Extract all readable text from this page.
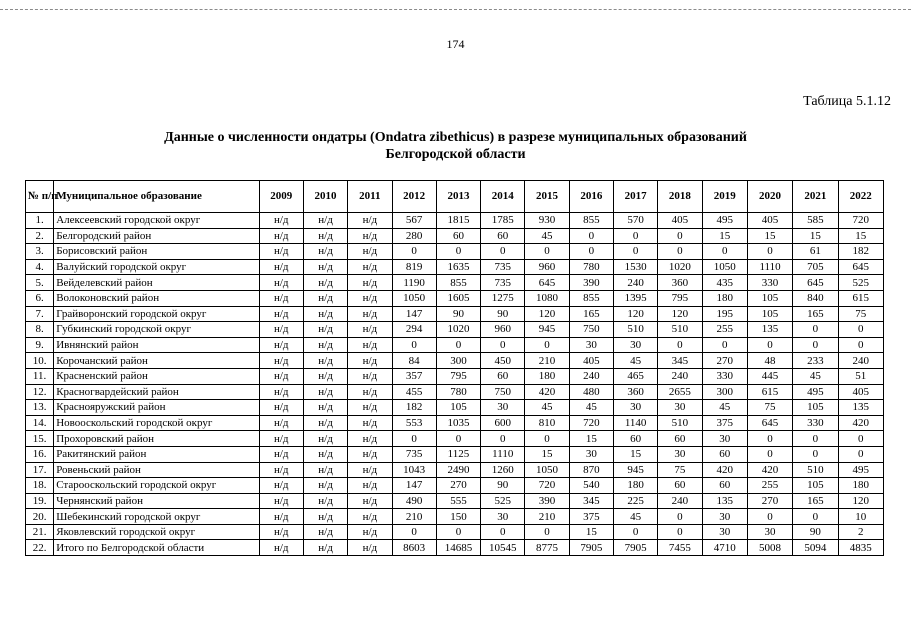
174
Таблица 5.1.12
Данные о численности ондатры (Ondatra zibethicus) в разрезе муниципальных образований
Белгородской области
№ п/п	Муниципальное образование	2009	2010	2011	2012	2013	2014	2015	2016	2017	2018	2019	2020	2021	2022
1.	Алексеевский городской округ	н/д	н/д	н/д	567	1815	1785	930	855	570	405	495	405	585	720
2.	Белгородский район	н/д	н/д	н/д	280	60	60	45	0	0	0	15	15	15	15
3.	Борисовский район	н/д	н/д	н/д	0	0	0	0	0	0	0	0	0	61	182
4.	Валуйский городской округ	н/д	н/д	н/д	819	1635	735	960	780	1530	1020	1050	1110	705	645
5.	Вейделевский район	н/д	н/д	н/д	1190	855	735	645	390	240	360	435	330	645	525
6.	Волоконовский район	н/д	н/д	н/д	1050	1605	1275	1080	855	1395	795	180	105	840	615
7.	Грайворонский городской округ	н/д	н/д	н/д	147	90	90	120	165	120	120	195	105	165	75
8.	Губкинский городской округ	н/д	н/д	н/д	294	1020	960	945	750	510	510	255	135	0	0
9.	Ивнянский район	н/д	н/д	н/д	0	0	0	0	30	30	0	0	0	0	0
10.	Корочанский район	н/д	н/д	н/д	84	300	450	210	405	45	345	270	48	233	240
11.	Красненский район	н/д	н/д	н/д	357	795	60	180	240	465	240	330	445	45	51
12.	Красногвардейский район	н/д	н/д	н/д	455	780	750	420	480	360	2655	300	615	495	405
13.	Краснояружский район	н/д	н/д	н/д	182	105	30	45	45	30	30	45	75	105	135
14.	Новооскольский городской округ	н/д	н/д	н/д	553	1035	600	810	720	1140	510	375	645	330	420
15.	Прохоровский район	н/д	н/д	н/д	0	0	0	0	15	60	60	30	0	0	0
16.	Ракитянский район	н/д	н/д	н/д	735	1125	1110	15	30	15	30	60	0	0	0
17.	Ровеньский район	н/д	н/д	н/д	1043	2490	1260	1050	870	945	75	420	420	510	495
18.	Старооскольский городской округ	н/д	н/д	н/д	147	270	90	720	540	180	60	60	255	105	180
19.	Чернянский район	н/д	н/д	н/д	490	555	525	390	345	225	240	135	270	165	120
20.	Шебекинский городской округ	н/д	н/д	н/д	210	150	30	210	375	45	0	30	0	0	10
21.	Яковлевский городской округ	н/д	н/д	н/д	0	0	0	0	15	0	0	30	30	90	2
22.	Итого по Белгородской области	н/д	н/д	н/д	8603	14685	10545	8775	7905	7905	7455	4710	5008	5094	4835
